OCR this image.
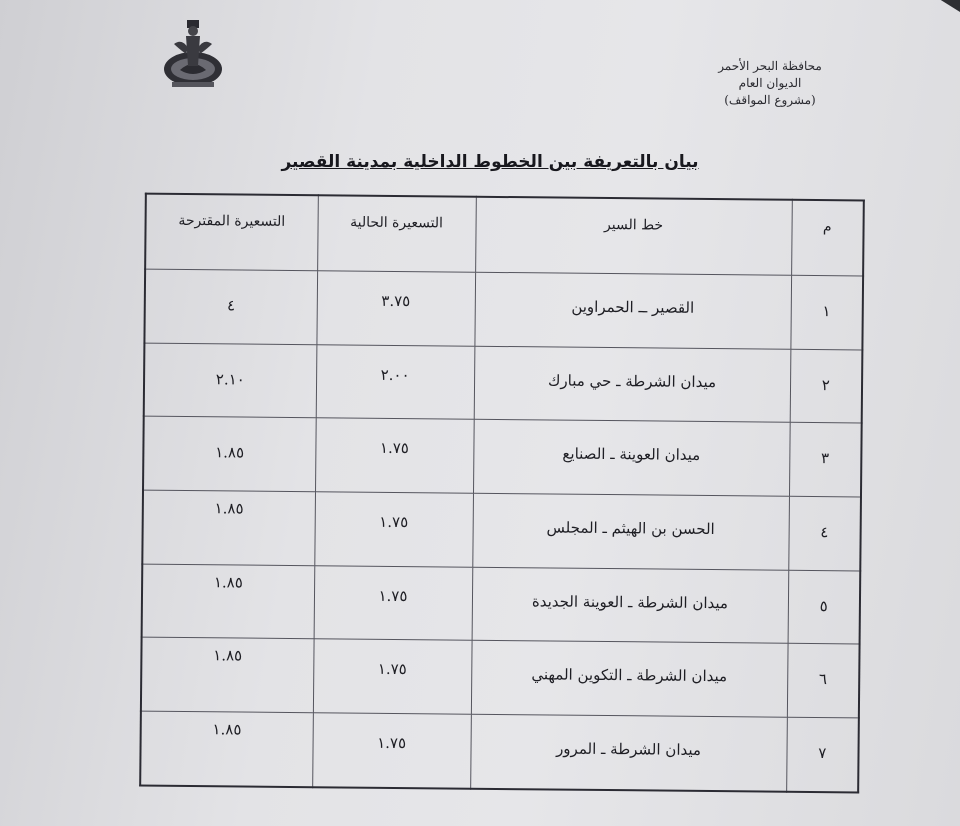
محافظة البحر الأحمر
الديوان العام
(مشروع المواقف)
بيان بالتعريفة بين الخطوط الداخلية بمدينة القصير
م	خط السير	التسعيرة الحالية	التسعيرة المقترحة
١	القصير ــ الحمراوين	٣.٧٥	٤
٢	ميدان الشرطة ـ حي مبارك	٢.٠٠	٢.١٠
٣	ميدان العوينة ـ الصنايع	١.٧٥	١.٨٥
٤	الحسن بن الهيثم ـ المجلس	١.٧٥	١.٨٥
٥	ميدان الشرطة ـ العوينة الجديدة	١.٧٥	١.٨٥
٦	ميدان الشرطة ـ التكوين المهني	١.٧٥	١.٨٥
٧	ميدان الشرطة ـ المرور	١.٧٥	١.٨٥
